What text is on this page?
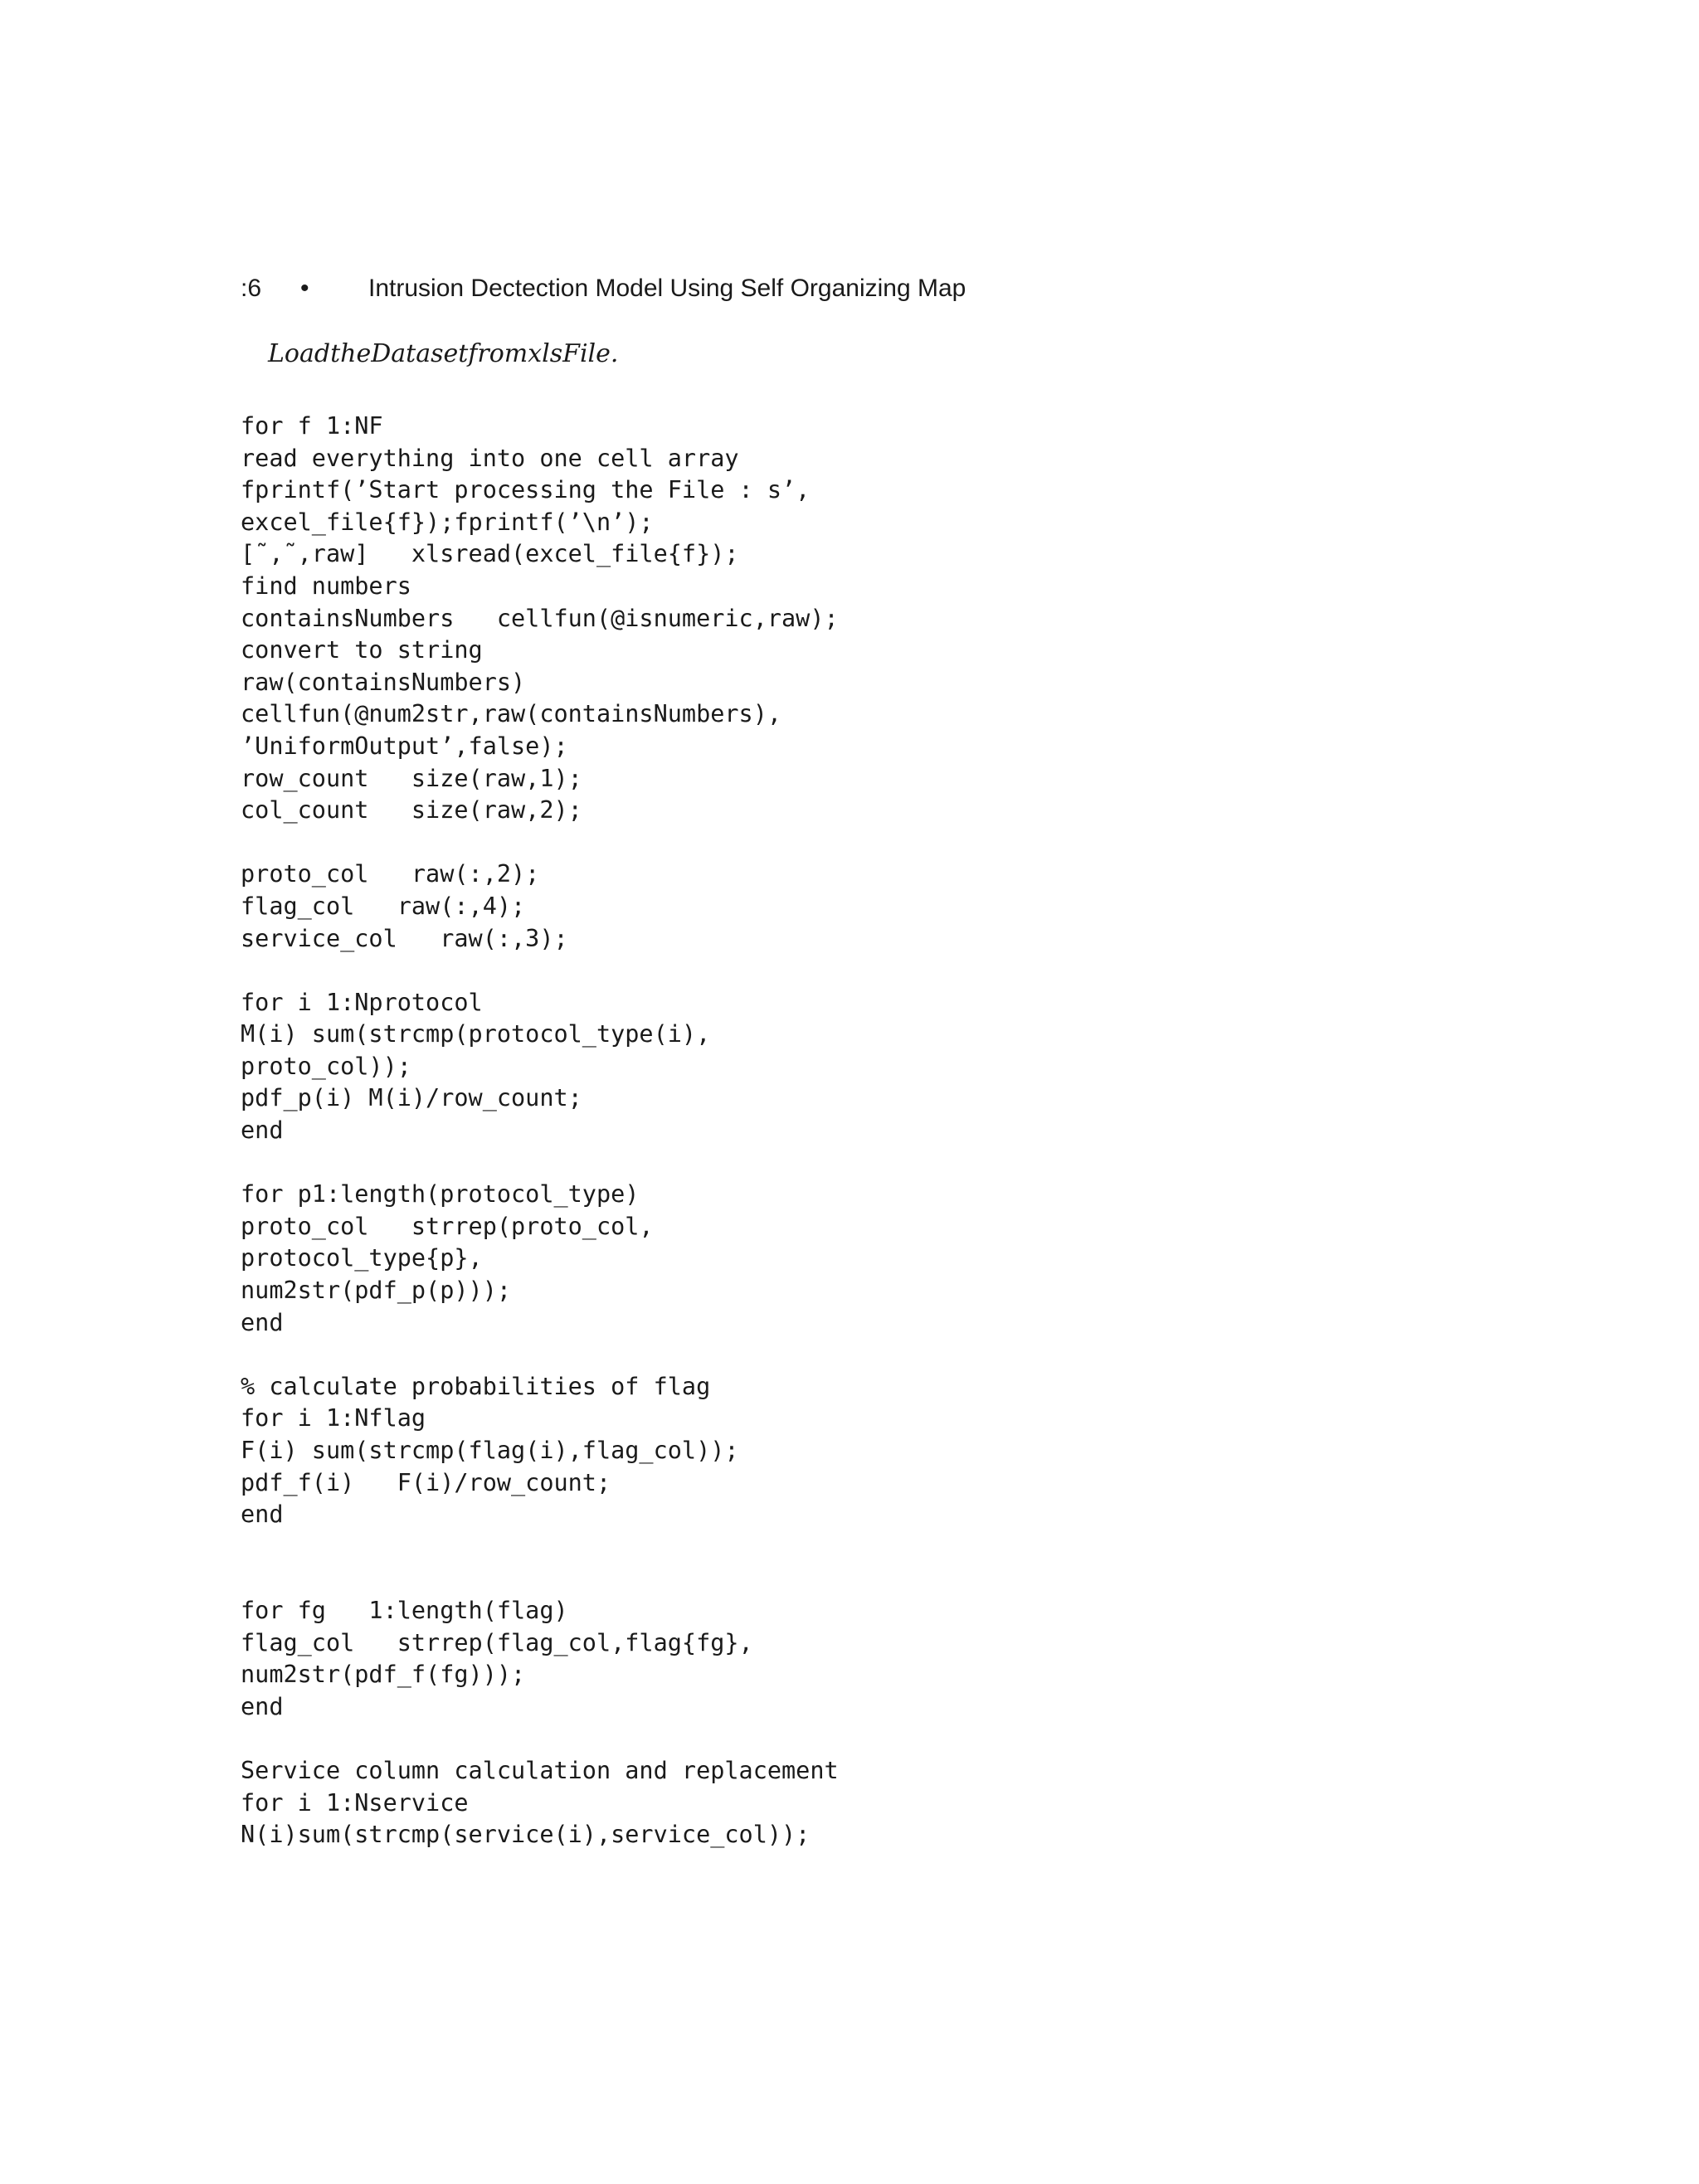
:6	•	Intrusion Dectection Model Using Self Organizing Map
LoadtheDatasetfromxlsFile.
for f 1:NF
read everything into one cell array
fprintf(’Start processing the File : s’,
excel_file{f});fprintf(’\n’);
[˜,˜,raw]   xlsread(excel_file{f});
find numbers
containsNumbers   cellfun(@isnumeric,raw);
convert to string
raw(containsNumbers)
cellfun(@num2str,raw(containsNumbers),
’UniformOutput’,false);
row_count   size(raw,1);
col_count   size(raw,2);
proto_col   raw(:,2);
flag_col   raw(:,4);
service_col   raw(:,3);
for i 1:Nprotocol
M(i) sum(strcmp(protocol_type(i),
proto_col));
pdf_p(i) M(i)/row_count;
end
for p1:length(protocol_type)
proto_col   strrep(proto_col,
protocol_type{p},
num2str(pdf_p(p)));
end
% calculate probabilities of flag
for i 1:Nflag
F(i) sum(strcmp(flag(i),flag_col));
pdf_f(i)   F(i)/row_count;
end
for fg   1:length(flag)
flag_col   strrep(flag_col,flag{fg},
num2str(pdf_f(fg)));
end
Service column calculation and replacement
for i 1:Nservice
N(i)sum(strcmp(service(i),service_col));
